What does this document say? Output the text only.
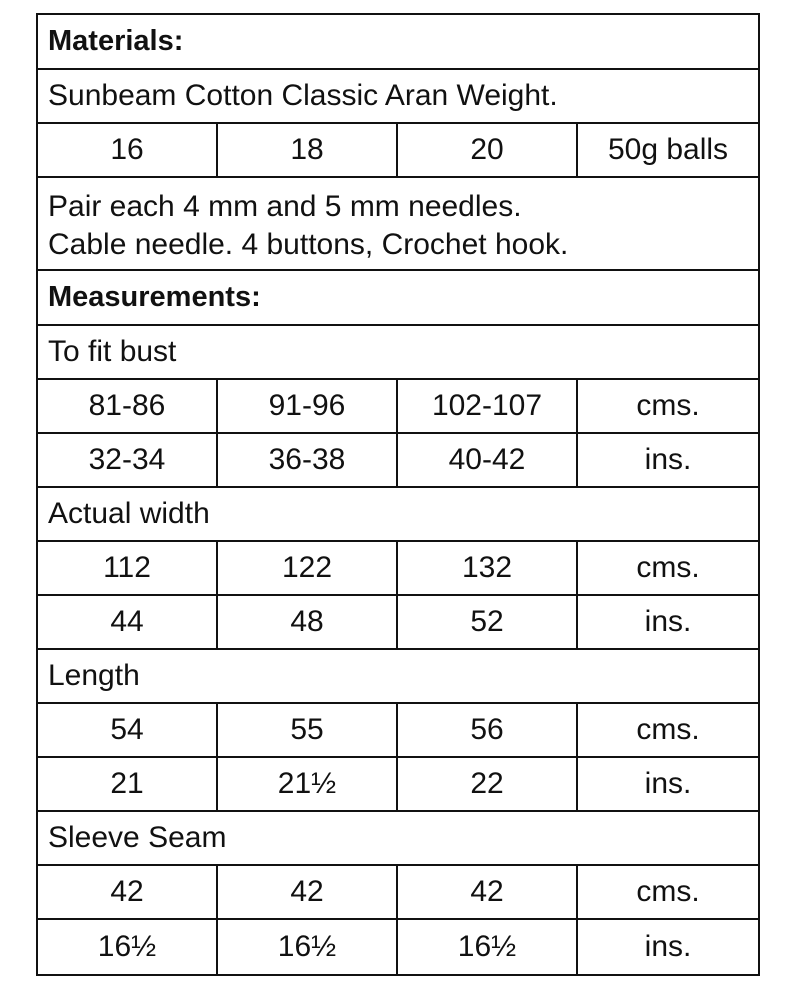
Materials:
Sunbeam Cotton Classic Aran Weight.
16	18	20	50g balls
Pair each 4 mm and 5 mm needles.
Cable needle. 4 buttons, Crochet hook.
Measurements:
To fit bust
81-86	91-96	102-107	cms.
32-34	36-38	40-42	ins.
Actual width
112	122	132	cms.
44	48	52	ins.
Length
54	55	56	cms.
21	21½	22	ins.
Sleeve Seam
42	42	42	cms.
16½	16½	16½	ins.
